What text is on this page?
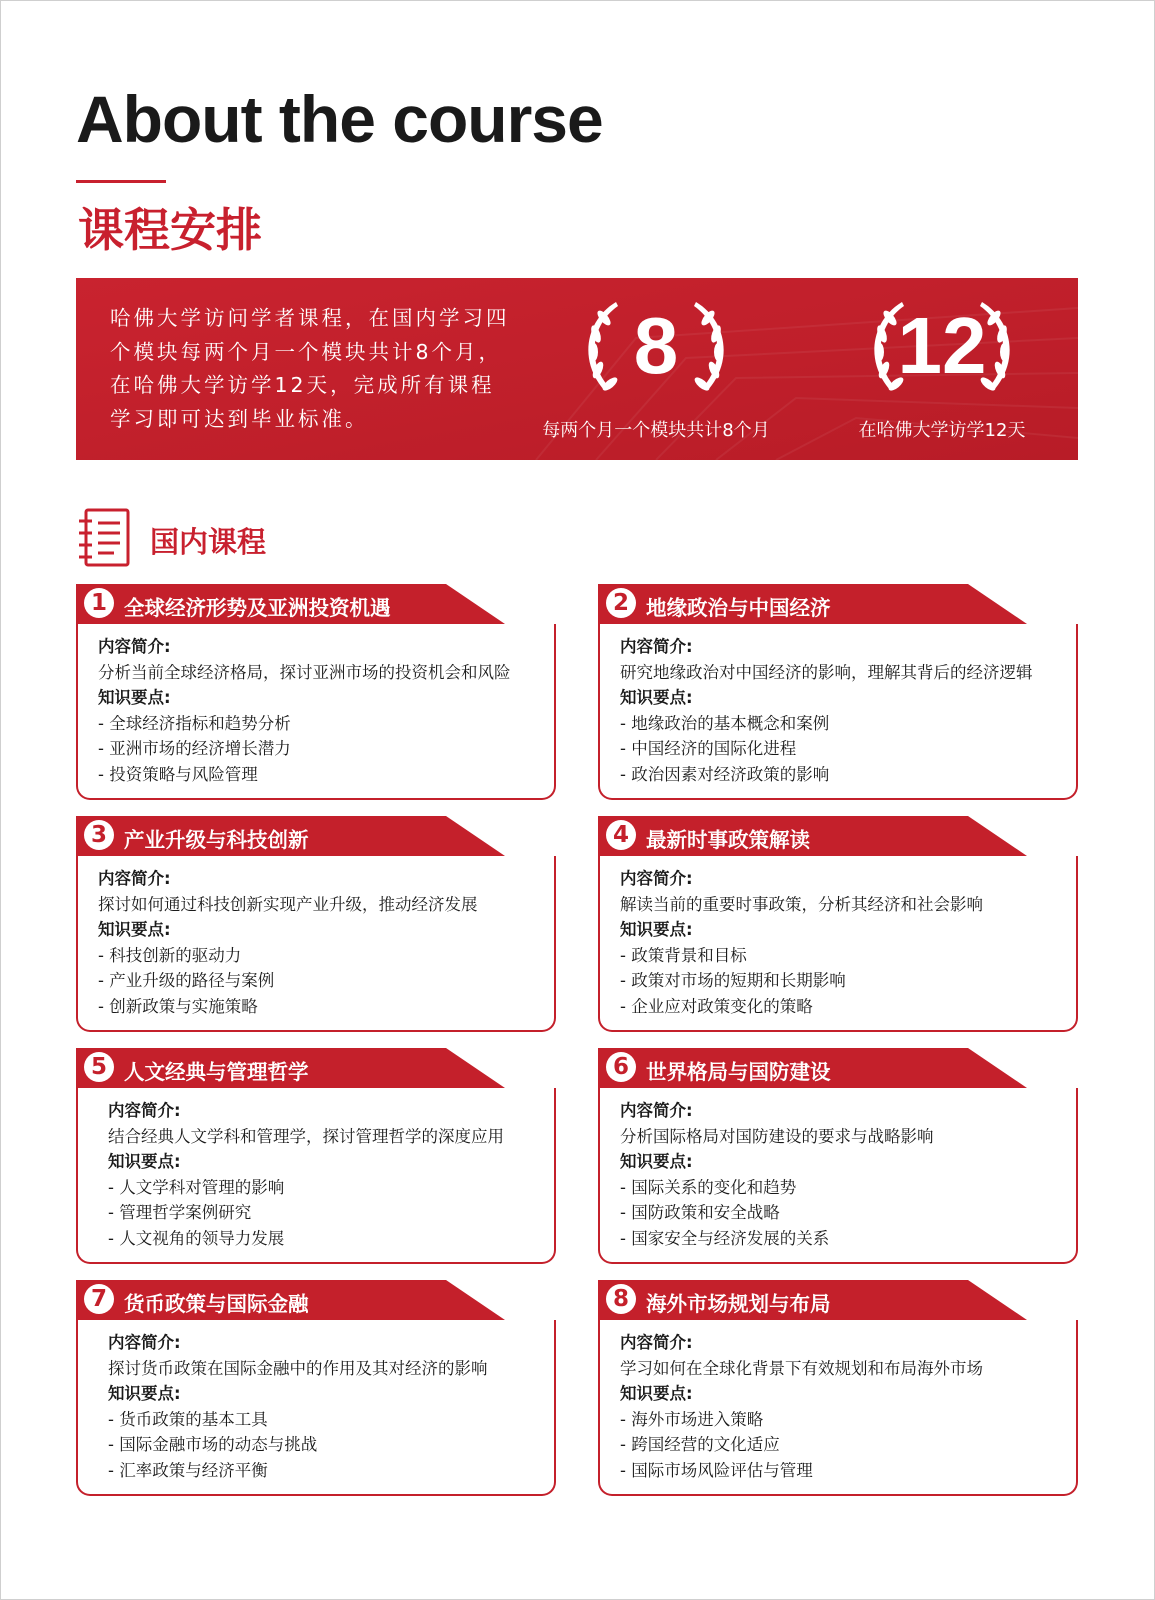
About the course
课程安排
哈佛大学访问学者课程，在国内学习四个模块每两个月一个模块共计8个月，在哈佛大学访学12天，完成所有课程学习即可达到毕业标准。
8
每两个月一个模块共计8个月
12
在哈佛大学访学12天
国内课程
1 全球经济形势及亚洲投资机遇
内容简介:
分析当前全球经济格局，探讨亚洲市场的投资机会和风险
知识要点:
- 全球经济指标和趋势分析
- 亚洲市场的经济增长潜力
- 投资策略与风险管理
2 地缘政治与中国经济
内容简介:
研究地缘政治对中国经济的影响，理解其背后的经济逻辑
知识要点:
- 地缘政治的基本概念和案例
- 中国经济的国际化进程
- 政治因素对经济政策的影响
3 产业升级与科技创新
内容简介:
探讨如何通过科技创新实现产业升级，推动经济发展
知识要点:
- 科技创新的驱动力
- 产业升级的路径与案例
- 创新政策与实施策略
4 最新时事政策解读
内容简介:
解读当前的重要时事政策，分析其经济和社会影响
知识要点:
- 政策背景和目标
- 政策对市场的短期和长期影响
- 企业应对政策变化的策略
5 人文经典与管理哲学
内容简介:
结合经典人文学科和管理学，探讨管理哲学的深度应用
知识要点:
- 人文学科对管理的影响
- 管理哲学案例研究
- 人文视角的领导力发展
6 世界格局与国防建设
内容简介:
分析国际格局对国防建设的要求与战略影响
知识要点:
- 国际关系的变化和趋势
- 国防政策和安全战略
- 国家安全与经济发展的关系
7 货币政策与国际金融
内容简介:
探讨货币政策在国际金融中的作用及其对经济的影响
知识要点:
- 货币政策的基本工具
- 国际金融市场的动态与挑战
- 汇率政策与经济平衡
8 海外市场规划与布局
内容简介:
学习如何在全球化背景下有效规划和布局海外市场
知识要点:
- 海外市场进入策略
- 跨国经营的文化适应
- 国际市场风险评估与管理
